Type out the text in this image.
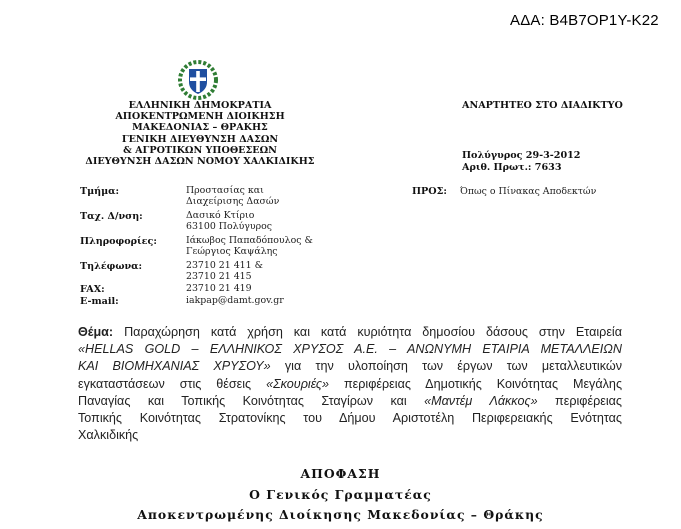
ΑΔΑ: Β4Β7ΟΡ1Υ-Κ22
ΕΛΛΗΝΙΚΗ ΔΗΜΟΚΡΑΤΙΑ
ΑΠΟΚΕΝΤΡΩΜΕΝΗ ΔΙΟΙΚΗΣΗ
ΜΑΚΕΔΟΝΙΑΣ – ΘΡΑΚΗΣ
ΓΕΝΙΚΗ ΔΙΕΥΘΥΝΣΗ ΔΑΣΩΝ
& ΑΓΡΟΤΙΚΩΝ ΥΠΟΘΕΣΕΩΝ
ΔΙΕΥΘΥΝΣΗ ΔΑΣΩΝ ΝΟΜΟΥ ΧΑΛΚΙΔΙΚΗΣ
ΑΝΑΡΤΗΤΕΟ ΣΤΟ ΔΙΑΔΙΚΤΥΟ
Πολύγυρος 29-3-2012
Αριθ. Πρωτ.: 7633
Τμήμα:	Προστασίας και
Διαχείρισης Δασών
Ταχ. Δ/νση:	Δασικό Κτίριο
63100 Πολύγυρος
Πληροφορίες:	Ιάκωβος Παπαδόπουλος &
Γεώργιος Καψάλης
Τηλέφωνα:	23710 21 411 &
23710 21 415
FAX:	23710 21 419
E-mail:	iakpap@damt.gov.gr
ΠΡΟΣ: Όπως ο Πίνακας Αποδεκτών
Θέμα: Παραχώρηση κατά χρήση και κατά κυριότητα δημοσίου δάσους στην Εταιρεία
«HELLAS GOLD – ΕΛΛΗΝΙΚΟΣ ΧΡΥΣΟΣ Α.Ε. – ΑΝΩΝΥΜΗ ΕΤΑΙΡΙΑ ΜΕΤΑΛΛΕΙΩΝ
ΚΑΙ ΒΙΟΜΗΧΑΝΙΑΣ ΧΡΥΣΟΥ» για την υλοποίηση των έργων των μεταλλευτικών
εγκαταστάσεων στις θέσεις «Σκουριές» περιφέρειας Δημοτικής Κοινότητας Μεγάλης
Παναγίας και Τοπικής Κοινότητας Σταγίρων και «Μαντέμ Λάκκος» περιφέρειας
Τοπικής Κοινότητας Στρατονίκης του Δήμου Αριστοτέλη Περιφερειακής Ενότητας
Χαλκιδικής
ΑΠΟΦΑΣΗ
Ο Γενικός Γραμματέας
Αποκεντρωμένης Διοίκησης Μακεδονίας – Θράκης
